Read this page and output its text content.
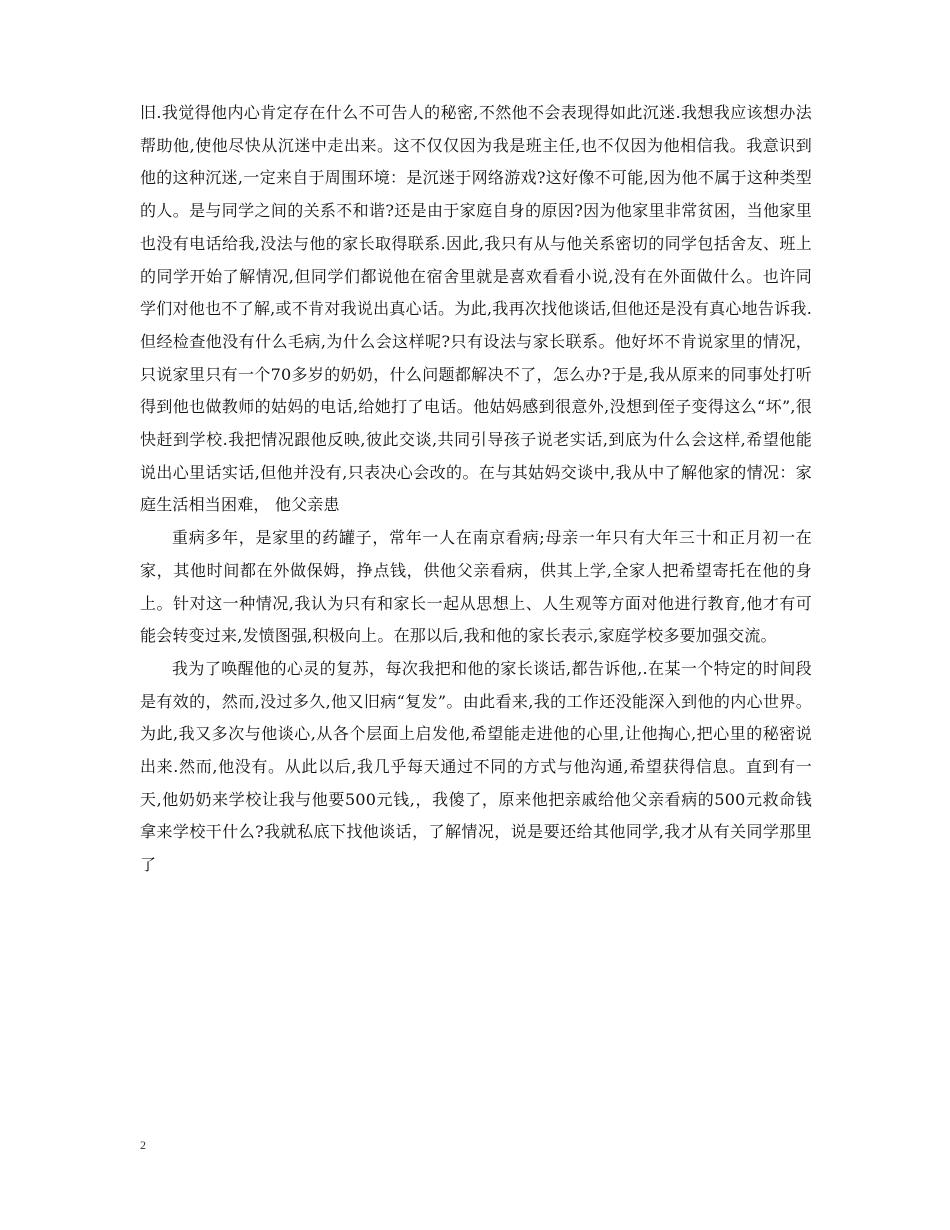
旧.我觉得他内心肯定存在什么不可告人的秘密,不然他不会表现得如此沉迷.我想我应该想办法帮助他,使他尽快从沉迷中走出来。这不仅仅因为我是班主任,也不仅因为他相信我。我意识到他的这种沉迷,一定来自于周围环境：是沉迷于网络游戏?这好像不可能,因为他不属于这种类型的人。是与同学之间的关系不和谐?还是由于家庭自身的原因?因为他家里非常贫困，当他家里也没有电话给我,没法与他的家长取得联系.因此,我只有从与他关系密切的同学包括舍友、班上的同学开始了解情况,但同学们都说他在宿舍里就是喜欢看看小说,没有在外面做什么。也许同学们对他也不了解,或不肯对我说出真心话。为此,我再次找他谈话,但他还是没有真心地告诉我.但经检查他没有什么毛病,为什么会这样呢?只有设法与家长联系。他好坏不肯说家里的情况，只说家里只有一个70多岁的奶奶，什么问题都解决不了，怎么办?于是,我从原来的同事处打听得到他也做教师的姑妈的电话,给她打了电话。他姑妈感到很意外,没想到侄子变得这么“坏”,很快赶到学校.我把情况跟他反映,彼此交谈,共同引导孩子说老实话,到底为什么会这样,希望他能说出心里话实话,但他并没有,只表决心会改的。在与其姑妈交谈中,我从中了解他家的情况：家庭生活相当困难， 他父亲患

重病多年，是家里的药罐子，常年一人在南京看病;母亲一年只有大年三十和正月初一在家，其他时间都在外做保姆，挣点钱，供他父亲看病，供其上学,全家人把希望寄托在他的身上。针对这一种情况,我认为只有和家长一起从思想上、人生观等方面对他进行教育,他才有可能会转变过来,发愤图强,积极向上。在那以后,我和他的家长表示,家庭学校多要加强交流。

我为了唤醒他的心灵的复苏，每次我把和他的家长谈话,都告诉他,.在某一个特定的时间段是有效的，然而,没过多久,他又旧病“复发”。由此看来,我的工作还没能深入到他的内心世界。为此,我又多次与他谈心,从各个层面上启发他,希望能走进他的心里,让他掏心,把心里的秘密说出来.然而,他没有。从此以后,我几乎每天通过不同的方式与他沟通,希望获得信息。直到有一天,他奶奶来学校让我与他要500元钱,，我傻了，原来他把亲戚给他父亲看病的500元救命钱拿来学校干什么?我就私底下找他谈话，了解情况，说是要还给其他同学,我才从有关同学那里了

2
